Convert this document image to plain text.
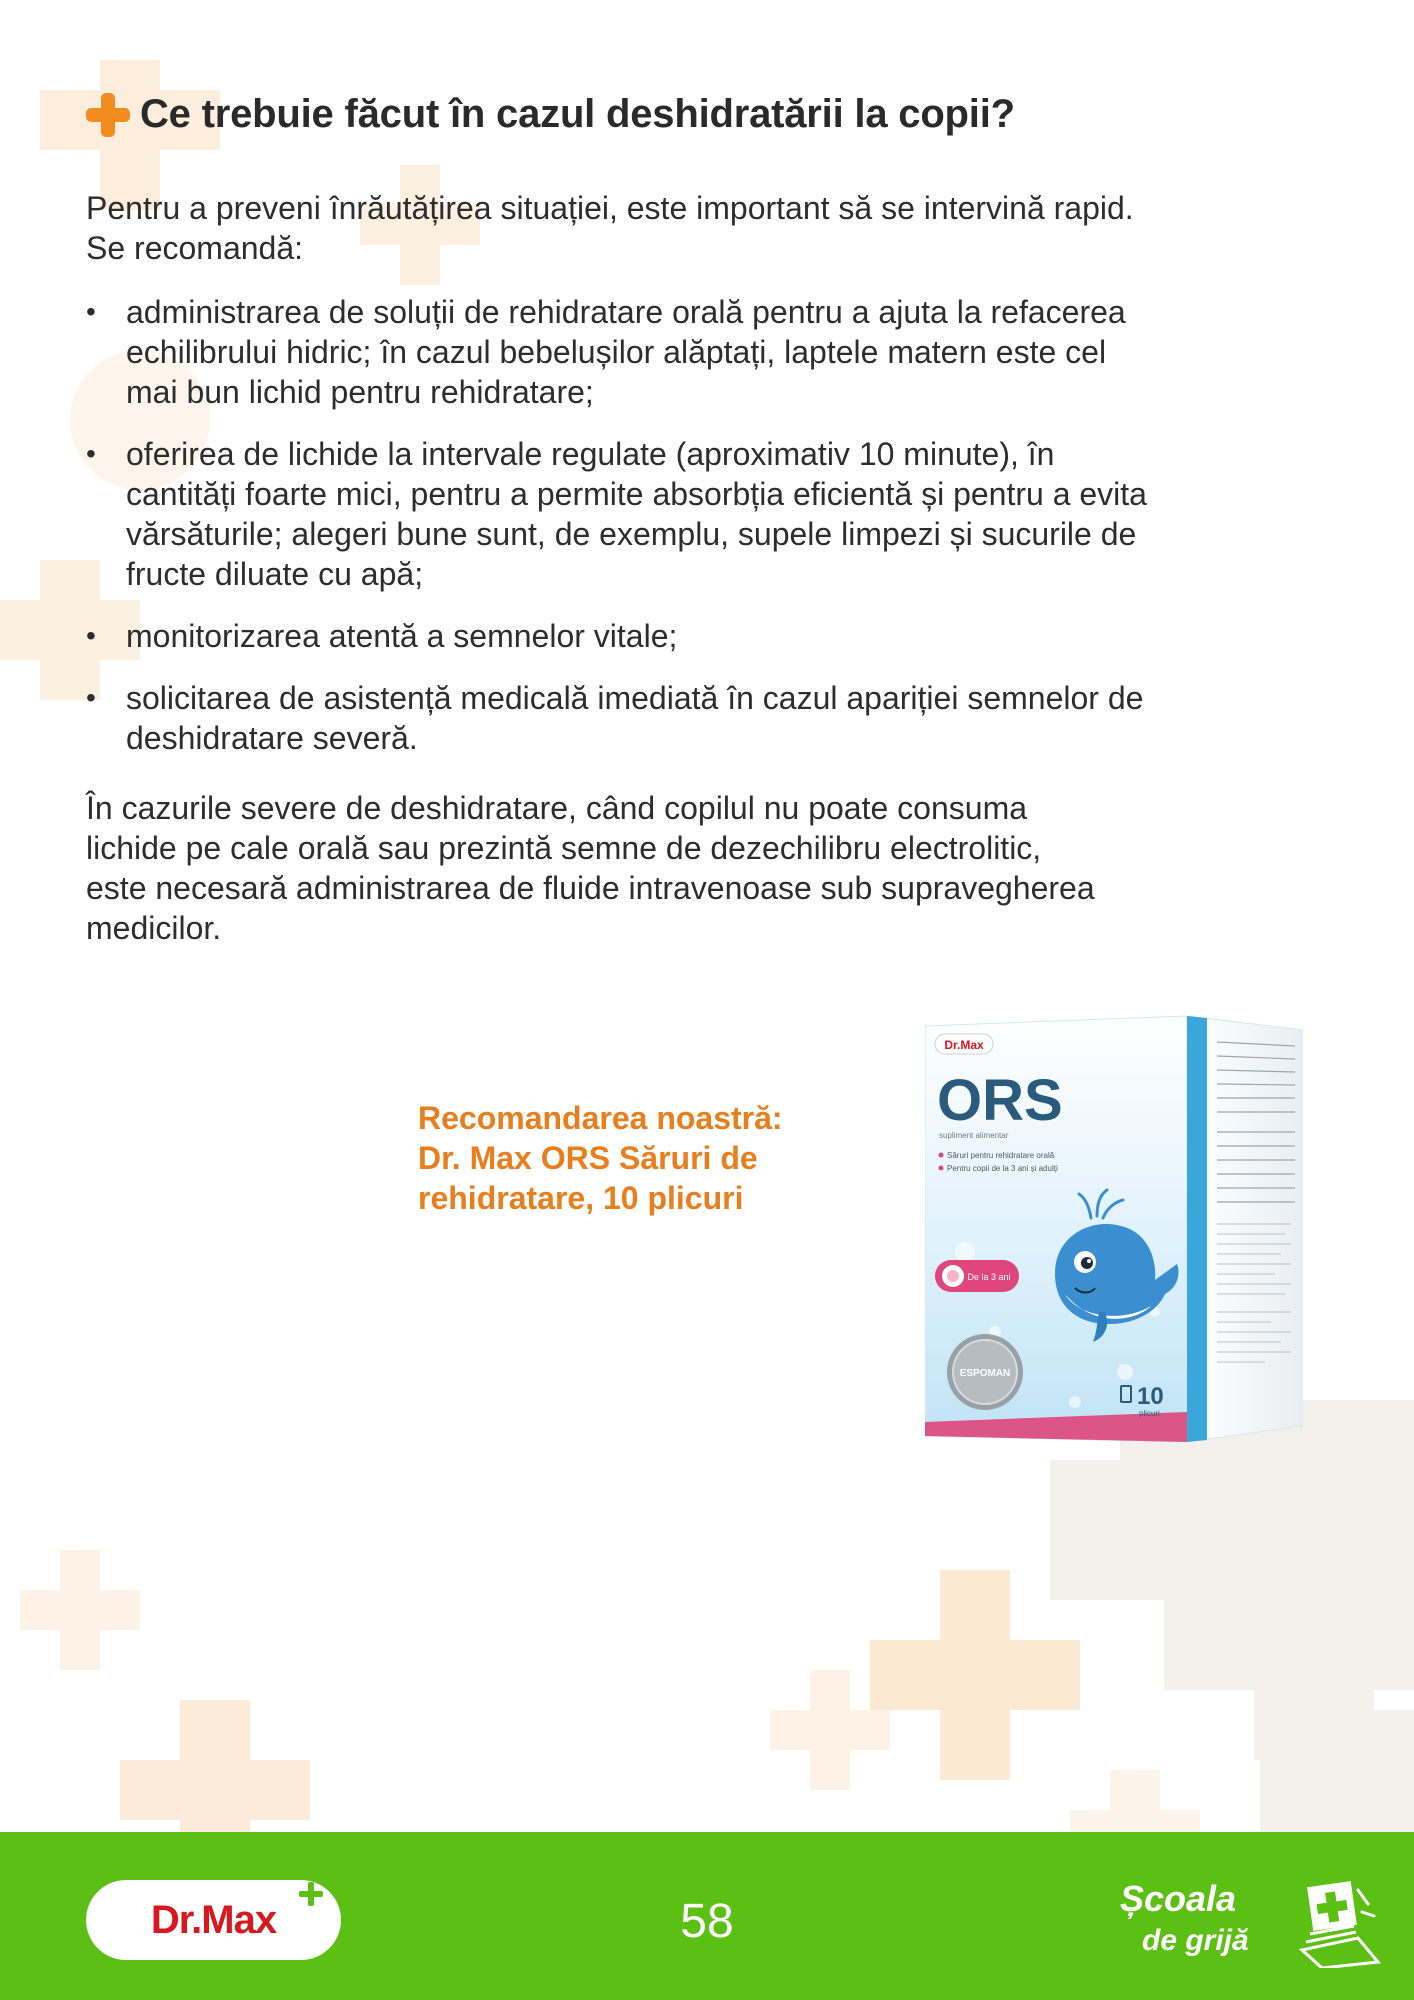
Ce trebuie făcut în cazul deshidratării la copii?
Pentru a preveni înrăutățirea situației, este important să se intervină rapid.
Se recomandă:
• administrarea de soluții de rehidratare orală pentru a ajuta la refacerea
echilibrului hidric; în cazul bebelușilor alăptați, laptele matern este cel
mai bun lichid pentru rehidratare;
• oferirea de lichide la intervale regulate (aproximativ 10 minute), în
cantități foarte mici, pentru a permite absorbția eficientă și pentru a evita
vărsăturile; alegeri bune sunt, de exemplu, supele limpezi și sucurile de
fructe diluate cu apă;
• monitorizarea atentă a semnelor vitale;
• solicitarea de asistență medicală imediată în cazul apariției semnelor de
deshidratare severă.
În cazurile severe de deshidratare, când copilul nu poate consuma
lichide pe cale orală sau prezintă semne de dezechilibru electrolitic,
este necesară administrarea de fluide intravenoase sub supravegherea
medicilor.
Recomandarea noastră:
Dr. Max ORS Săruri de
rehidratare, 10 plicuri
Dr.Max
ORS
supliment alimentar
Săruri pentru rehidratare orală
Pentru copii de la 3 ani și adulți
De la 3 ani
ESPOMAN
10
plicuri
Dr.Max	58	Școala
de grijă
